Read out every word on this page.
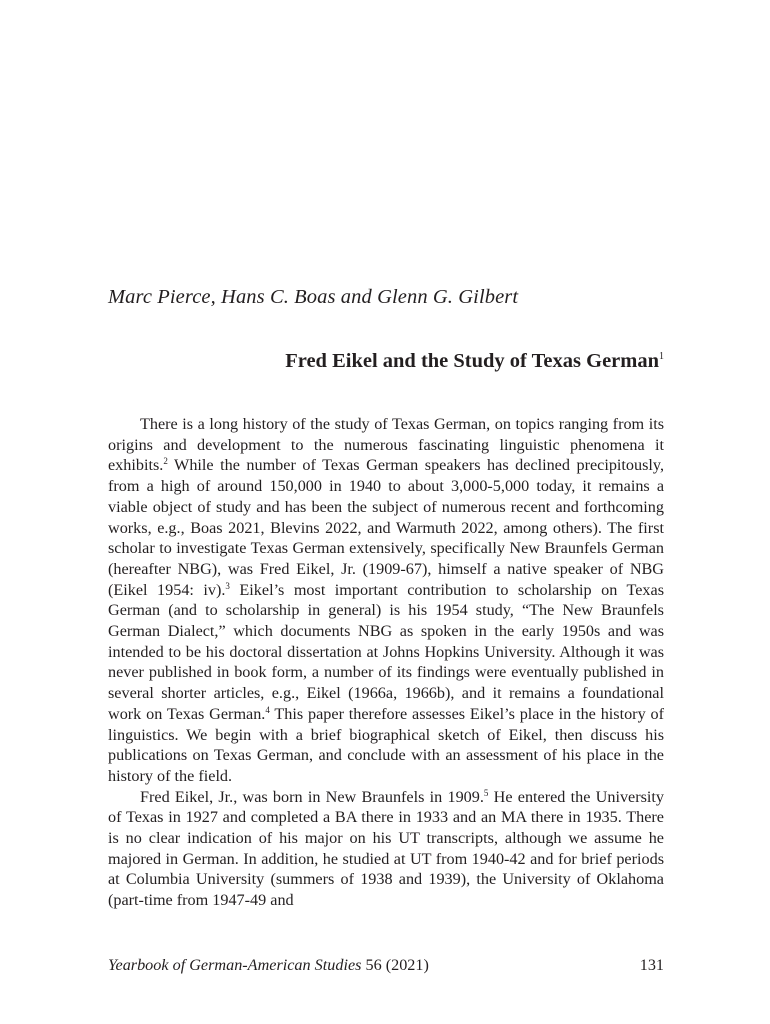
Marc Pierce, Hans C. Boas and Glenn G. Gilbert
Fred Eikel and the Study of Texas German$^1$

There is a long history of the study of Texas German, on topics ranging from its origins and development to the numerous fascinating linguistic phenomena it exhibits.$^2$ While the number of Texas German speakers has declined precipitously, from a high of around 150,000 in 1940 to about 3,000-5,000 today, it remains a viable object of study and has been the subject of numerous recent and forthcoming works, e.g., Boas 2021, Blevins 2022, and Warmuth 2022, among others). The first scholar to investigate Texas German extensively, specifically New Braunfels German (hereafter NBG), was Fred Eikel, Jr. (1909-67), himself a native speaker of NBG (Eikel 1954: iv).$^3$ Eikel’s most important contribution to scholarship on Texas German (and to scholarship in general) is his 1954 study, “The New Braunfels German Dialect,” which documents NBG as spoken in the early 1950s and was intended to be his doctoral dissertation at Johns Hopkins University. Although it was never published in book form, a number of its findings were eventually published in several shorter articles, e.g., Eikel (1966a, 1966b), and it remains a foundational work on Texas German.$^4$ This paper therefore assesses Eikel’s place in the history of linguistics. We begin with a brief biographical sketch of Eikel, then discuss his publications on Texas German, and conclude with an assessment of his place in the history of the field.

Fred Eikel, Jr., was born in New Braunfels in 1909.$^5$ He entered the University of Texas in 1927 and completed a BA there in 1933 and an MA there in 1935. There is no clear indication of his major on his UT transcripts, although we assume he majored in German. In addition, he studied at UT from 1940-42 and for brief periods at Columbia University (summers of 1938 and 1939), the University of Oklahoma (part-time from 1947-49 and

Yearbook of German-American Studies 56 (2021)	131
